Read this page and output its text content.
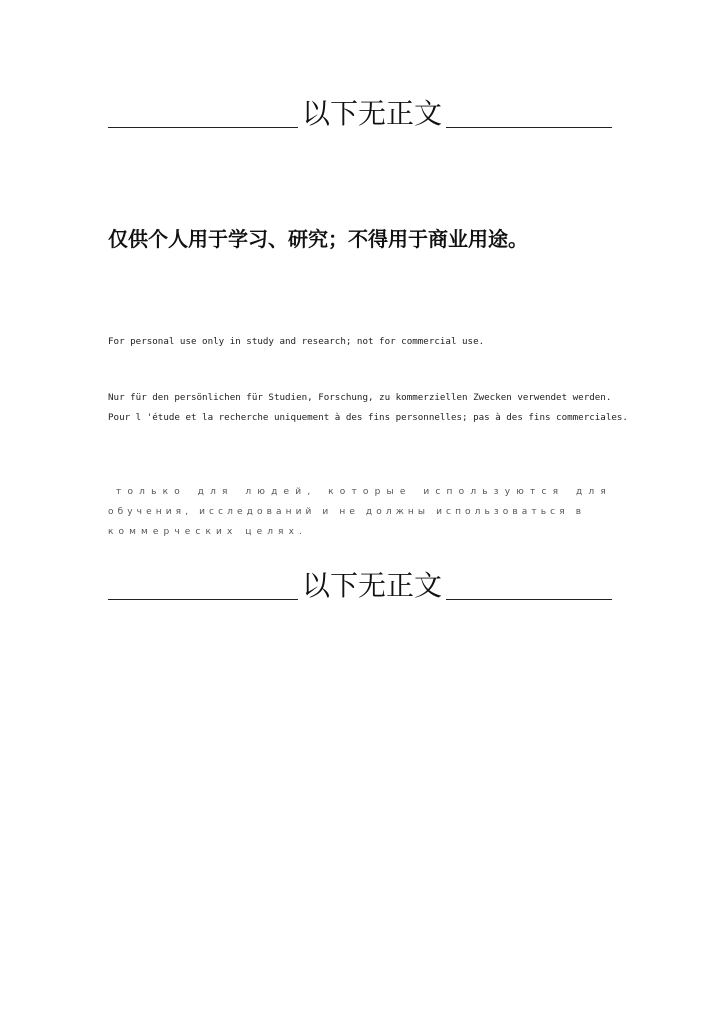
以下无正文
仅供个人用于学习、研究；不得用于商业用途。
For personal use only in study and research; not for commercial use.
Nur für den persönlichen für Studien, Forschung, zu kommerziellen Zwecken verwendet werden.
Pour l 'étude et la recherche uniquement à des fins personnelles; pas à des fins commerciales.
только для людей, которые используются для
обучения, исследований и не должны использоваться в
коммерческих целях.
以下无正文
